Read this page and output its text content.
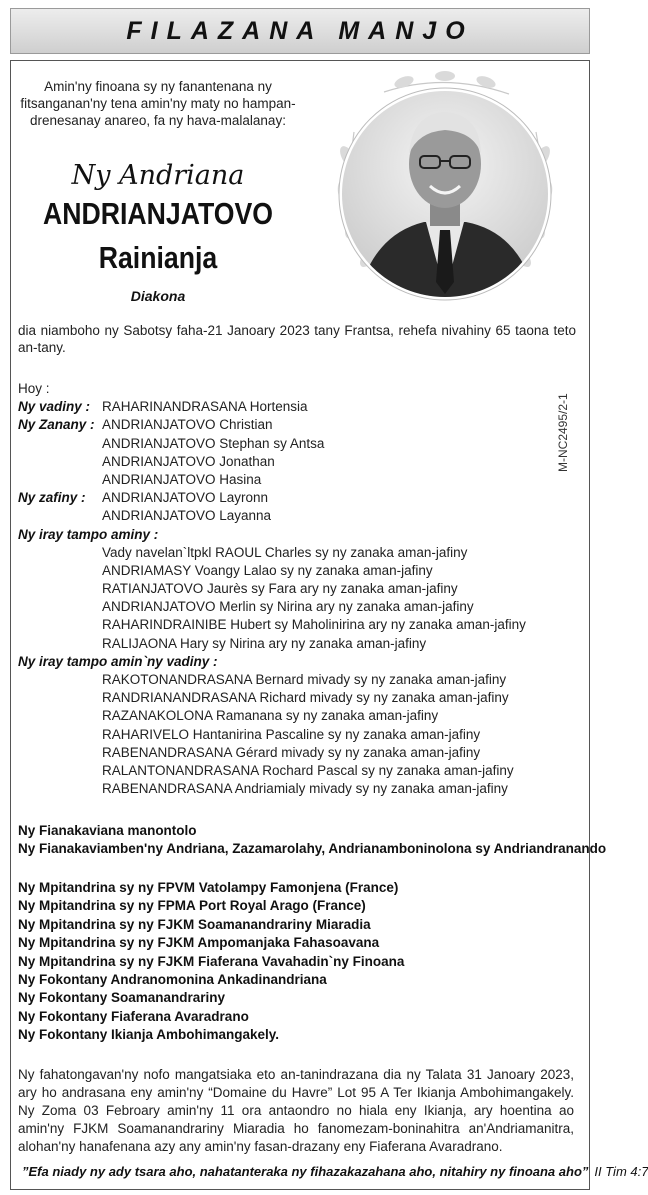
FILAZANA MANJO
Amin'ny finoana sy ny fanantenana ny fitsanganan'ny tena amin'ny maty no hampan-drenesanay anareo, fa ny hava-malalanay:
Ny Andriana
ANDRIANJATOVO
Rainianja
Diakona
dia niamboho ny Sabotsy faha-21 Janoary 2023 tany Frantsa, rehefa nivahiny 65 taona teto an-tany.
M-NC2495/2-1
Hoy :
Ny vadiny : RAHARINANDRASANA Hortensia
Ny Zanany : ANDRIANJATOVO Christian
ANDRIANJATOVO Stephan sy Antsa
ANDRIANJATOVO Jonathan
ANDRIANJATOVO Hasina
Ny zafiny : ANDRIANJATOVO Layronn
ANDRIANJATOVO Layanna
Ny iray tampo aminy :
Vady navelan`ltpkl RAOUL Charles sy ny zanaka aman-jafiny
ANDRIAMASY Voangy Lalao sy ny zanaka aman-jafiny
RATIANJATOVO Jaurès sy Fara ary ny zanaka aman-jafiny
ANDRIANJATOVO Merlin sy Nirina ary ny zanaka aman-jafiny
RAHARINDRAINIBE Hubert sy Maholinirina ary ny zanaka aman-jafiny
RALIJAONA Hary sy Nirina ary ny zanaka aman-jafiny
Ny iray tampo amin`ny vadiny :
RAKOTONANDRASANA Bernard mivady sy ny zanaka aman-jafiny
RANDRIANANDRASANA Richard mivady sy ny zanaka aman-jafiny
RAZANAKOLONA Ramanana sy ny zanaka aman-jafiny
RAHARIVELO Hantanirina Pascaline sy ny zanaka aman-jafiny
RABENANDRASANA Gérard mivady sy ny zanaka aman-jafiny
RALANTONANDRASANA Rochard Pascal sy ny zanaka aman-jafiny
RABENANDRASANA Andriamialy mivady sy ny zanaka aman-jafiny
Ny Fianakaviana manontolo
Ny Fianakaviamben'ny Andriana, Zazamarolahy, Andrianamboninolona sy Andriandranando
Ny Mpitandrina sy ny FPVM Vatolampy Famonjena (France)
Ny Mpitandrina sy ny FPMA Port Royal Arago (France)
Ny Mpitandrina sy ny FJKM Soamanandrariny Miaradia
Ny Mpitandrina sy ny FJKM Ampomanjaka Fahasoavana
Ny Mpitandrina sy ny FJKM Fiaferana Vavahadin`ny Finoana
Ny Fokontany Andranomonina Ankadinandriana
Ny Fokontany Soamanandrariny
Ny Fokontany Fiaferana Avaradrano
Ny Fokontany Ikianja Ambohimangakely.
Ny fahatongavan'ny nofo mangatsiaka eto an-tanindrazana dia ny Talata 31 Janoary 2023, ary ho andrasana eny amin'ny “Domaine du Havre” Lot 95 A Ter Ikianja Ambohimangakely. Ny Zoma 03 Febroary amin'ny 11 ora antaondro no hiala eny Ikianja, ary hoentina ao amin'ny FJKM Soamanandrariny Miaradia ho fanomezam-boninahitra an'Andriamanitra, alohan'ny hanafenana azy any amin'ny fasan-drazany eny Fiaferana Avaradrano.
”Efa niady ny ady tsara aho, nahatanteraka ny fihazakazahana aho, nitahiry ny finoana aho” II Tim 4:7
